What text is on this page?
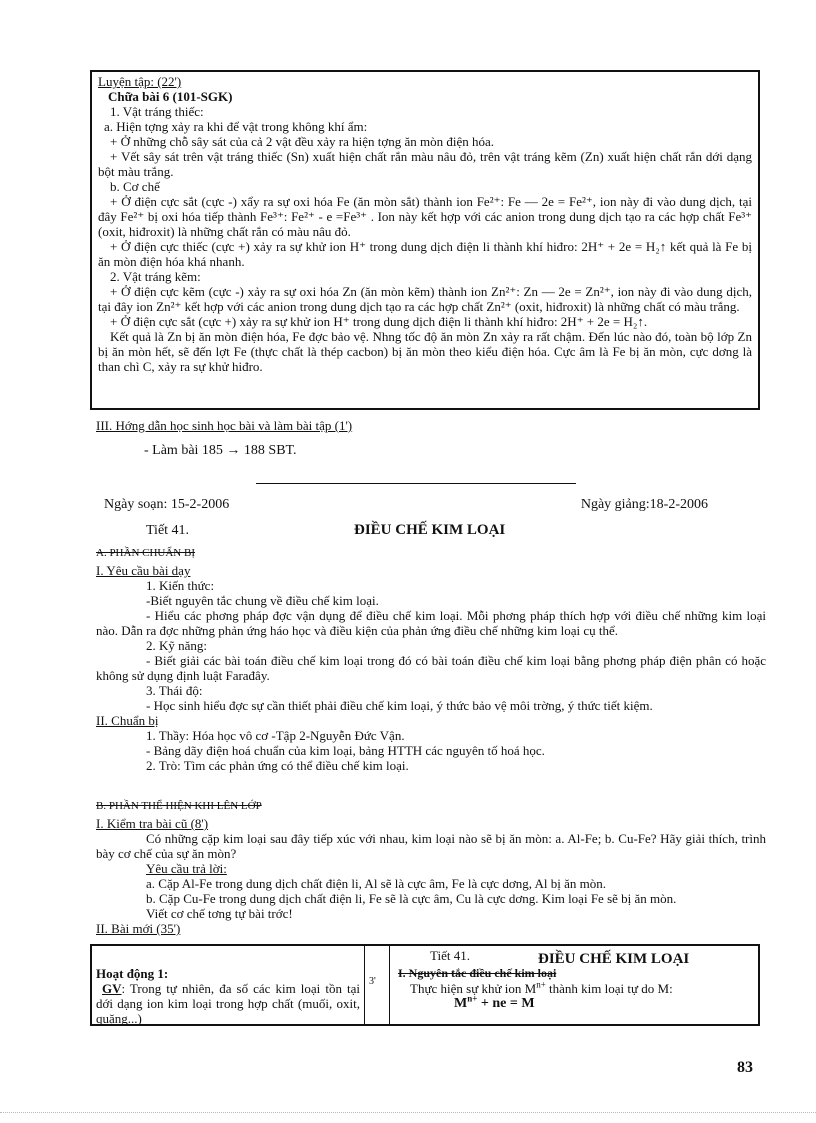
Luyện tập: (22')

Chữa bài 6 (101-SGK)

1. Vật tráng thiếc:

a. Hiện tợng xảy ra khi để vật trong không khí ẩm:

+ Ở những chỗ sây sát của cả 2 vật đều xảy ra hiện tợng ăn mòn điện hóa.

+ Vết sây sát trên vật tráng thiếc (Sn) xuất hiện chất rắn màu nâu đỏ, trên vật tráng kẽm (Zn) xuất hiện chất rắn dới dạng bột màu trắng.

b. Cơ chế

+ Ở điện cực sắt (cực -) xẩy ra sự oxi hóa Fe (ăn mòn sắt) thành ion Fe²⁺: Fe — 2e = Fe²⁺, ion này đi vào dung dịch, tại đây Fe²⁺ bị oxi hóa tiếp thành Fe³⁺: Fe²⁺ - e =Fe³⁺ . Ion này kết hợp với các anion trong dung dịch tạo ra các hợp chất Fe³⁺ (oxit, hiđroxit) là những chất rắn có màu nâu đỏ.

+ Ở điện cực thiếc (cực +) xảy ra sự khử ion H⁺ trong dung dịch điện li thành khí hiđro: 2H⁺ + 2e = H₂↑ kết quả là Fe bị ăn mòn điện hóa khá nhanh.

2. Vật tráng kẽm:

+ Ở điện cực kẽm (cực -) xảy ra sự oxi hóa Zn (ăn mòn kẽm) thành ion Zn²⁺: Zn — 2e = Zn²⁺, ion này đi vào dung dịch, tại đây ion Zn²⁺ kết hợp với các anion trong dung dịch tạo ra các hợp chất Zn²⁺ (oxit, hiđroxit) là những chất có màu trắng.

+ Ở điện cực sắt (cực +) xảy ra sự khử ion H⁺ trong dung dịch điện li thành khí hiđro: 2H⁺ + 2e = H₂↑.

Kết quả là Zn bị ăn mòn điện hóa, Fe đợc bảo vệ. Nhng tốc độ ăn mòn Zn xảy ra rất chậm. Đến lúc nào đó, toàn bộ lớp Zn bị ăn mòn hết, sẽ đến lợt Fe (thực chất là thép cacbon) bị ăn mòn theo kiểu điện hóa. Cực âm là Fe bị ăn mòn, cực dơng là than chì C, xảy ra sự khử hiđro.

III. Hớng dẫn học sinh học bài và làm bài tập (1')

- Làm bài 185 → 188 SBT.

Ngày soạn: 15-2-2006	Ngày giảng:18-2-2006
Tiết 41.	ĐIỀU CHẾ KIM LOẠI

A. PHẦN CHUẨN BỊ

I. Yêu cầu bài dạy

1. Kiến thức:

-Biết nguyên tắc chung về điều chế kim loại.

- Hiểu các phơng pháp đợc vận dụng để điều chế kim loại. Mỗi phơng pháp thích hợp với điều chế những kim loại nào. Dẫn ra đợc những phản ứng háo học và điều kiện của phản ứng điều chế những kim loại cụ thể.

2. Kỹ năng:

- Biết giải các bài toán điều chế kim loại trong đó có bài toán điều chế kim loại bằng phơng pháp điện phân có hoặc không sử dụng định luật Farađây.

3. Thái độ:

- Học sinh hiểu đợc sự cần thiết phải điều chế kim loại, ý thức bảo vệ môi trờng, ý thức tiết kiệm.

II. Chuẩn bị

1. Thầy: Hóa học vô cơ -Tập 2-Nguyễn Đức Vận.

- Bảng dãy điện hoá chuẩn của kim loại, bảng HTTH các nguyên tố hoá học.

2. Trò: Tìm các phản ứng có thể điều chế kim loại.

B. PHẦN THỂ HIỆN KHI LÊN LỚP

I. Kiểm tra bài cũ (8')

Có những cặp kim loại sau đây tiếp xúc với nhau, kim loại nào sẽ bị ăn mòn: a. Al-Fe; b. Cu-Fe? Hãy giải thích, trình bày cơ chế của sự ăn mòn?

Yêu cầu trả lời:

a. Cặp Al-Fe trong dung dịch chất điện li, Al sẽ là cực âm, Fe là cực dơng, Al bị ăn mòn.

b. Cặp Cu-Fe trong dung dịch chất điện li, Fe sẽ là cực âm, Cu là cực dơng. Kim loại Fe sẽ bị ăn mòn.

Viết cơ chế tơng tự bài trớc!

II. Bài mới (35')

Hoạt động 1:

GV: Trong tự nhiên, đa số các kim loại tồn tại dới dạng ion kim loại trong hợp chất (muối, oxit, quặng...)

3'

Tiết 41.	ĐIỀU CHẾ KIM LOẠI

I. Nguyên tắc điều chế kim loại

Thực hiện sự khử ion $M^{n+}$ thành kim loại tự do M:

$M^{n+}$ + ne = M

83
